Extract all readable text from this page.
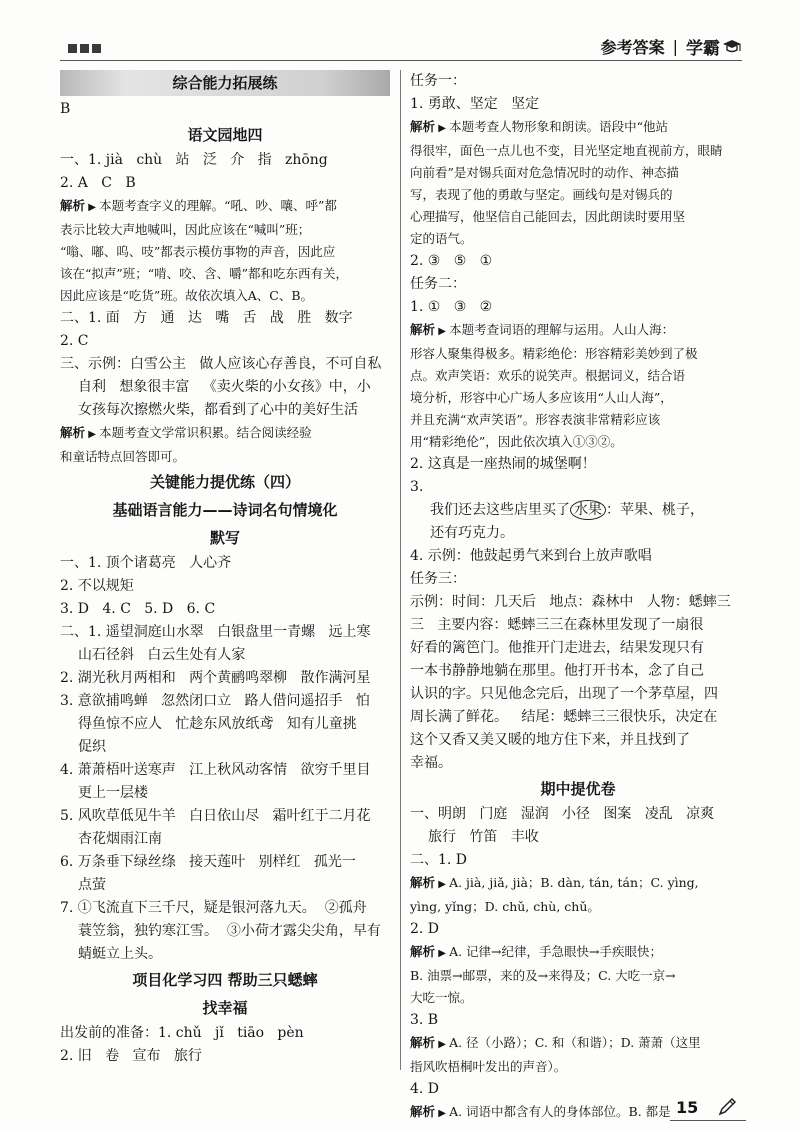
参考答案 | 学霸
综合能力拓展练
B
语文园地四
一、1. jià   chù   站   泛   介   指   zhōng
2. A   C   B
解析 ▶ 本题考查字义的理解。“吼、吵、嚷、呼”都
表示比较大声地喊叫，因此应该在“喊叫”班；
“嗡、嘟、呜、吱”都表示模仿事物的声音，因此应
该在“拟声”班；“啃、咬、含、嚼”都和吃东西有关，
因此应该是“吃货”班。故依次填入A、C、B。
二、1. 面   方   通   达   嘴   舌   战   胜   数字
2. C
三、示例：白雪公主   做人应该心存善良，不可自私
自利   想象很丰富   《卖火柴的小女孩》中，小
女孩每次擦燃火柴，都看到了心中的美好生活
解析 ▶ 本题考查文学常识积累。结合阅读经验
和童话特点回答即可。
关键能力提优练（四）
基础语言能力——诗词名句情境化
默写
一、1. 顶个诸葛亮   人心齐
2. 不以规矩
3. D   4. C   5. D   6. C
二、1. 遥望洞庭山水翠   白银盘里一青螺   远上寒
山石径斜   白云生处有人家
2. 湖光秋月两相和   两个黄鹂鸣翠柳   散作满河星
3. 意欲捕鸣蝉   忽然闭口立   路人借问遥招手   怕
得鱼惊不应人   忙趁东风放纸鸢   知有儿童挑
促织
4. 萧萧梧叶送寒声   江上秋风动客情   欲穷千里目
更上一层楼
5. 风吹草低见牛羊   白日依山尽   霜叶红于二月花
杏花烟雨江南
6. 万条垂下绿丝绦   接天莲叶   别样红   孤光一
点萤
7. ①飞流直下三千尺，疑是银河落九天。  ②孤舟
蓑笠翁，独钓寒江雪。  ③小荷才露尖尖角，早有
蜻蜓立上头。
项目化学习四 帮助三只蟋蟀
找幸福
出发前的准备：1. chǔ   jǐ   tiāo   pèn
2. 旧   卷   宣布   旅行
任务一：
1. 勇敢、坚定   坚定
解析 ▶ 本题考查人物形象和朗读。语段中“他站
得很牢，面色一点儿也不变，目光坚定地直视前方，眼睛
向前看”是对锡兵面对危急情况时的动作、神态描
写，表现了他的勇敢与坚定。画线句是对锡兵的
心理描写，他坚信自己能回去，因此朗读时要用坚
定的语气。
2. ③   ⑤   ①
任务二：
1. ①   ③   ②
解析 ▶ 本题考查词语的理解与运用。人山人海：
形容人聚集得极多。精彩绝伦：形容精彩美妙到了极
点。欢声笑语：欢乐的说笑声。根据词义，结合语
境分析，形容中心广场人多应该用“人山人海”，
并且充满“欢声笑语”。形容表演非常精彩应该
用“精彩绝伦”，因此依次填入①③②。
2. 这真是一座热闹的城堡啊！
3.
我们还去这些店里买了 水果 ：苹果、桃子，
还有巧克力。
4. 示例：他鼓起勇气来到台上放声歌唱
任务三：
示例：时间：几天后   地点：森林中   人物：蟋蟀三
三   主要内容：蟋蟀三三在森林里发现了一扇很
好看的篱笆门。他推开门走进去，结果发现只有
一本书静静地躺在那里。他打开书本，念了自己
认识的字。只见他念完后，出现了一个茅草屋，四
周长满了鲜花。   结尾：蟋蟀三三很快乐，决定在
这个又香又美又暖的地方住下来，并且找到了
幸福。
期中提优卷
一、明朗   门庭   湿润   小径   图案   凌乱   凉爽
旅行   竹笛   丰收
二、1. D
解析 ▶ A. jià, jiǎ, jià；B. dàn, tán, tán；C. yìng,
yìng, yǐng；D. chǔ, chù, chǔ。
2. D
解析 ▶ A. 记律→纪律，手急眼快→手疾眼快；
B. 油票→邮票，来的及→来得及；C. 大吃一京→
大吃一惊。
3. B
解析 ▶ A. 径（小路）；C. 和（和谐）；D. 萧萧（这里
指风吹梧桐叶发出的声音）。
4. D
解析 ▶ A. 词语中都含有人的身体部位。B. 都是 15
